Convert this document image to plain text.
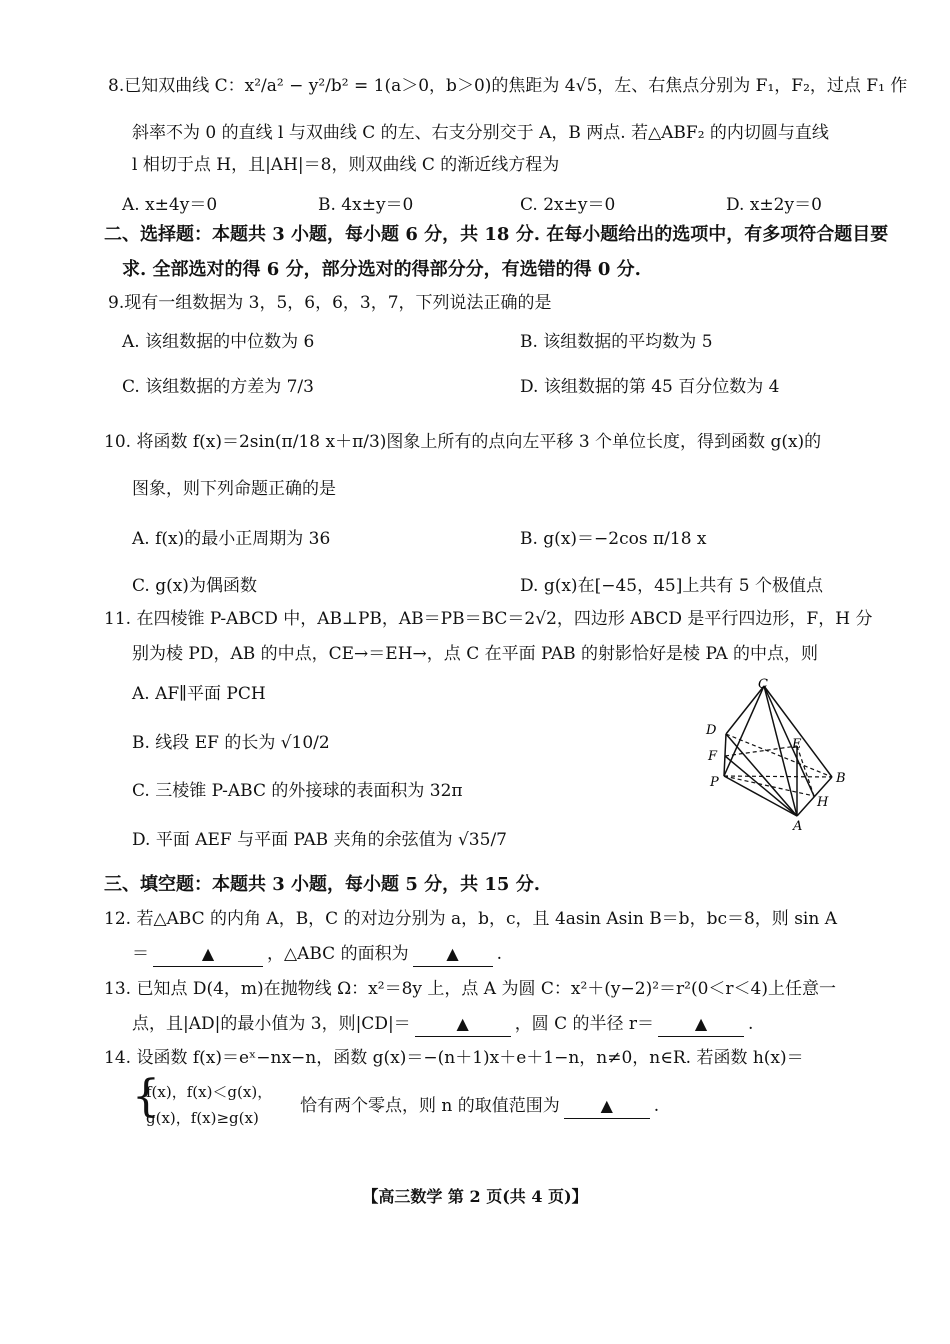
8.已知双曲线 C：x²/a² − y²/b² = 1(a＞0，b＞0)的焦距为 4√5，左、右焦点分别为 F₁，F₂，过点 F₁ 作
斜率不为 0 的直线 l 与双曲线 C 的左、右支分别交于 A，B 两点. 若△ABF₂ 的内切圆与直线
l 相切于点 H，且|AH|＝8，则双曲线 C 的渐近线方程为
A. x±4y＝0	B. 4x±y＝0	C. 2x±y＝0	D. x±2y＝0
二、选择题：本题共 3 小题，每小题 6 分，共 18 分. 在每小题给出的选项中，有多项符合题目要
求. 全部选对的得 6 分，部分选对的得部分分，有选错的得 0 分.
9.现有一组数据为 3，5，6，6，3，7，下列说法正确的是
A. 该组数据的中位数为 6	B. 该组数据的平均数为 5
C. 该组数据的方差为 7/3	D. 该组数据的第 45 百分位数为 4
10. 将函数 f(x)＝2sin(π/18 x＋π/3)图象上所有的点向左平移 3 个单位长度，得到函数 g(x)的
图象，则下列命题正确的是
A. f(x)的最小正周期为 36	B. g(x)＝−2cos π/18 x
C. g(x)为偶函数	D. g(x)在[−45，45]上共有 5 个极值点
11. 在四棱锥 P-ABCD 中，AB⊥PB，AB＝PB＝BC＝2√2，四边形 ABCD 是平行四边形，F，H 分
别为棱 PD，AB 的中点，CE→＝EH→，点 C 在平面 PAB 的射影恰好是棱 PA 的中点，则
A. AF∥平面 PCH
B. 线段 EF 的长为 √10/2
C. 三棱锥 P-ABC 的外接球的表面积为 32π
D. 平面 AEF 与平面 PAB 夹角的余弦值为 √35/7
C
D
E
F
B
P
H
A
三、填空题：本题共 3 小题，每小题 5 分，共 15 分.
12. 若△ABC 的内角 A，B，C 的对边分别为 a，b，c，且 4asin Asin B＝b，bc＝8，则 sin A
＝	▲	，△ABC 的面积为 ▲ .
13. 已知点 D(4，m)在抛物线 Ω：x²＝8y 上，点 A 为圆 C：x²＋(y−2)²＝r²(0＜r＜4)上任意一
点，且|AD|的最小值为 3，则|CD|＝	▲	，圆 C 的半径 r＝	▲ .
14. 设函数 f(x)＝eˣ−nx−n，函数 g(x)＝−(n＋1)x＋e＋1−n，n≠0，n∈R. 若函数 h(x)＝
{
f(x)，f(x)＜g(x)，
g(x)，f(x)≥g(x)
恰有两个零点，则 n 的取值范围为	▲ .
【高三数学 第 2 页(共 4 页)】
